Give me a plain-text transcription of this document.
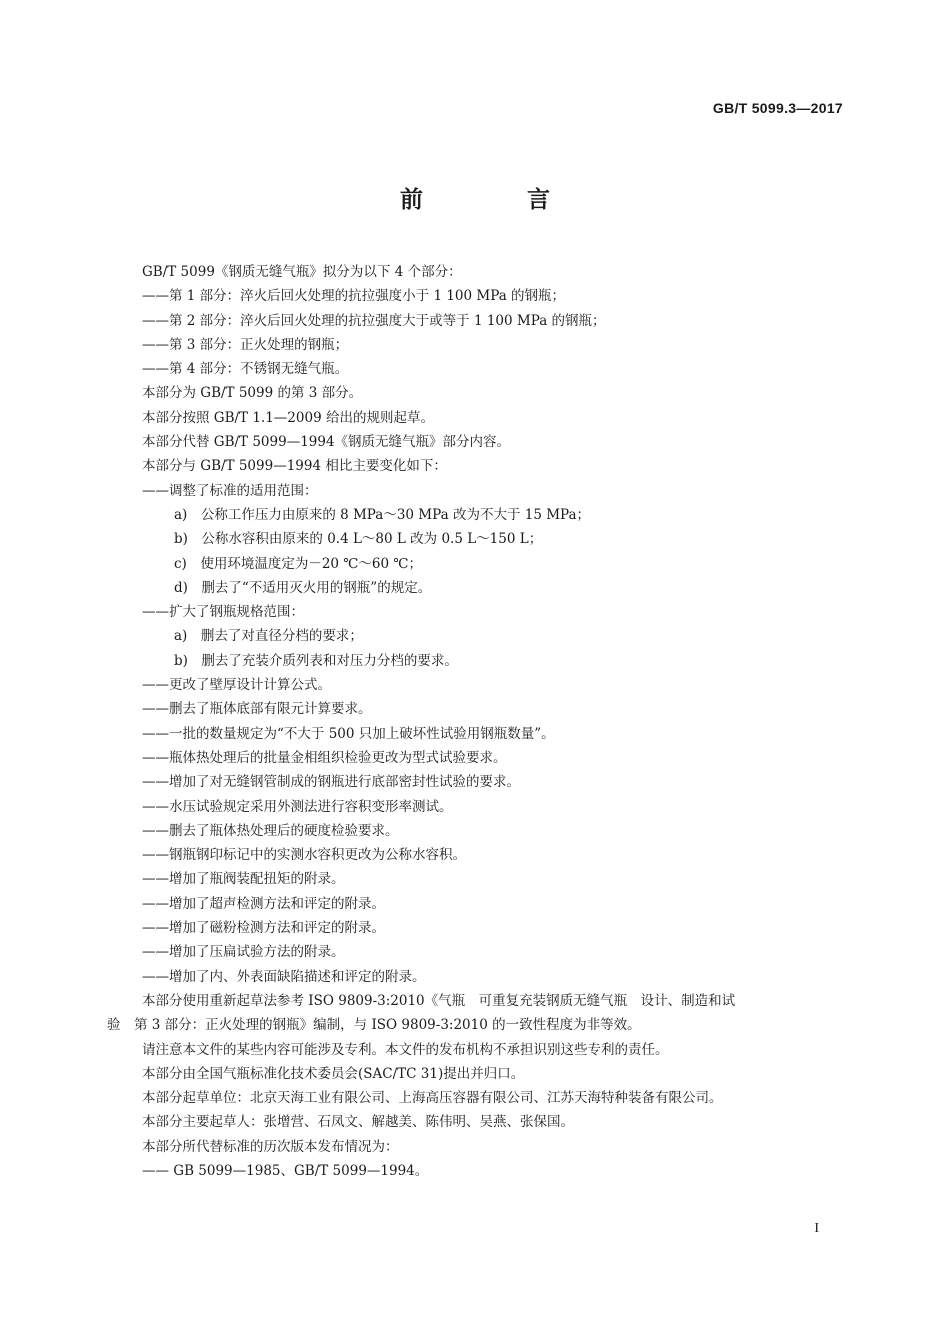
GB/T 5099.3—2017
前 言
GB/T 5099《钢质无缝气瓶》拟分为以下 4 个部分：
——第 1 部分：淬火后回火处理的抗拉强度小于 1 100 MPa 的钢瓶；
——第 2 部分：淬火后回火处理的抗拉强度大于或等于 1 100 MPa 的钢瓶；
——第 3 部分：正火处理的钢瓶；
——第 4 部分：不锈钢无缝气瓶。
本部分为 GB/T 5099 的第 3 部分。
本部分按照 GB/T 1.1—2009 给出的规则起草。
本部分代替 GB/T 5099—1994《钢质无缝气瓶》部分内容。
本部分与 GB/T 5099—1994 相比主要变化如下：
——调整了标准的适用范围：
a)　公称工作压力由原来的 8 MPa～30 MPa 改为不大于 15 MPa；
b)　公称水容积由原来的 0.4 L～80 L 改为 0.5 L～150 L；
c)　使用环境温度定为－20 ℃～60 ℃；
d)　删去了“不适用灭火用的钢瓶”的规定。
——扩大了钢瓶规格范围：
a)　删去了对直径分档的要求；
b)　删去了充装介质列表和对压力分档的要求。
——更改了壁厚设计计算公式。
——删去了瓶体底部有限元计算要求。
——一批的数量规定为“不大于 500 只加上破坏性试验用钢瓶数量”。
——瓶体热处理后的批量金相组织检验更改为型式试验要求。
——增加了对无缝钢管制成的钢瓶进行底部密封性试验的要求。
——水压试验规定采用外测法进行容积变形率测试。
——删去了瓶体热处理后的硬度检验要求。
——钢瓶钢印标记中的实测水容积更改为公称水容积。
——增加了瓶阀装配扭矩的附录。
——增加了超声检测方法和评定的附录。
——增加了磁粉检测方法和评定的附录。
——增加了压扁试验方法的附录。
——增加了内、外表面缺陷描述和评定的附录。
本部分使用重新起草法参考 ISO 9809-3:2010《气瓶　可重复充装钢质无缝气瓶　设计、制造和试
验　第 3 部分：正火处理的钢瓶》编制，与 ISO 9809-3:2010 的一致性程度为非等效。
请注意本文件的某些内容可能涉及专利。本文件的发布机构不承担识别这些专利的责任。
本部分由全国气瓶标准化技术委员会(SAC/TC 31)提出并归口。
本部分起草单位：北京天海工业有限公司、上海高压容器有限公司、江苏天海特种装备有限公司。
本部分主要起草人：张增营、石凤文、解越美、陈伟明、吴燕、张保国。
本部分所代替标准的历次版本发布情况为：
—— GB 5099—1985、GB/T 5099—1994。
I
